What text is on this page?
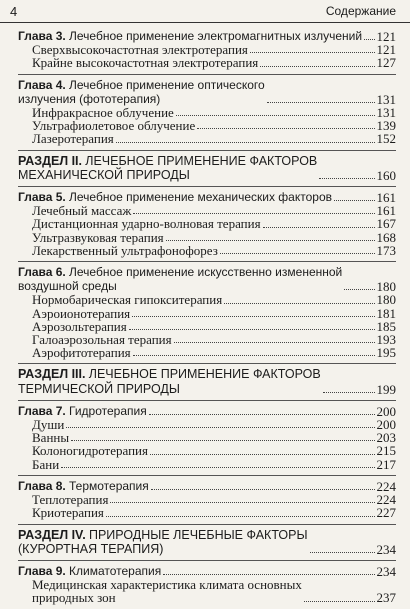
4	Содержание
Глава 3. Лечебное применение электромагнитных излучений 121
Сверхвысокочастотная электротерапия	121
Крайне высокочастотная электротерапия	127
Глава 4. Лечебное применение оптического
излучения (фототерапия)	131
Инфракрасное облучение	131
Ультрафиолетовое облучение	139
Лазеротерапия	152
РАЗДЕЛ II. ЛЕЧЕБНОЕ ПРИМЕНЕНИЕ ФАКТОРОВ
МЕХАНИЧЕСКОЙ ПРИРОДЫ	160
Глава 5. Лечебное применение механических факторов	161
Лечебный массаж	161
Дистанционная ударно-волновая терапия	167
Ультразвуковая терапия	168
Лекарственный ультрафонофорез	173
Глава 6. Лечебное применение искусственно измененной
воздушной среды	180
Нормобарическая гипокситерапия	180
Аэроионотерапия	181
Аэрозольтерапия	185
Галоаэрозольная терапия	193
Аэрофитотерапия	195
РАЗДЕЛ III. ЛЕЧЕБНОЕ ПРИМЕНЕНИЕ ФАКТОРОВ
ТЕРМИЧЕСКОЙ ПРИРОДЫ	199
Глава 7. Гидротерапия	200
Души	200
Ванны	203
Колоногидротерапия	215
Бани	217
Глава 8. Термотерапия	224
Теплотерапия	224
Криотерапия	227
РАЗДЕЛ IV. ПРИРОДНЫЕ ЛЕЧЕБНЫЕ ФАКТОРЫ
(КУРОРТНАЯ ТЕРАПИЯ)	234
Глава 9. Климатотерапия	234
Медицинская характеристика климата основных
природных зон	237
